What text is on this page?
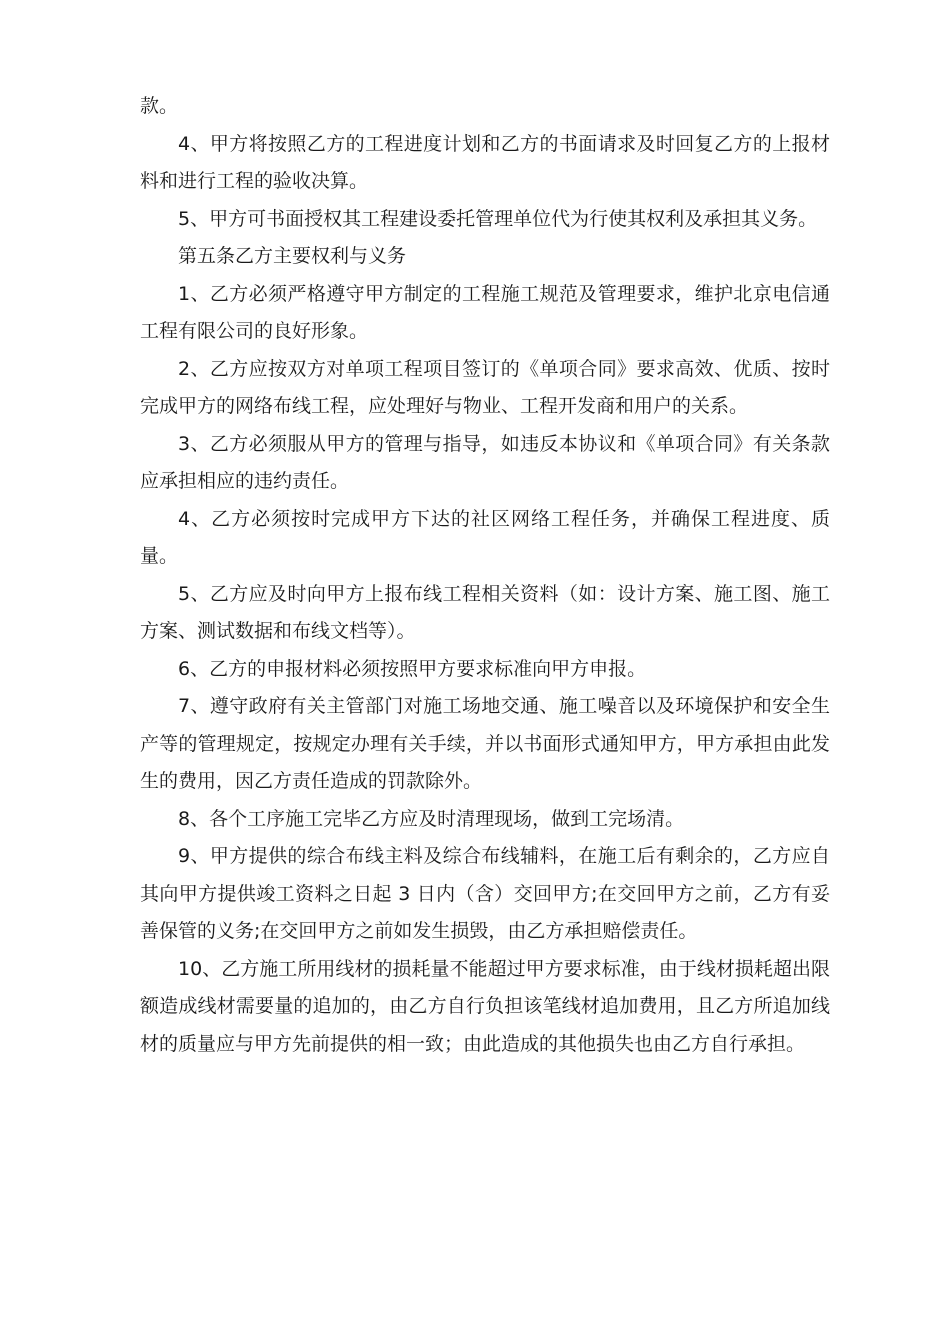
款。

4、甲方将按照乙方的工程进度计划和乙方的书面请求及时回复乙方的上报材料和进行工程的验收决算。

5、甲方可书面授权其工程建设委托管理单位代为行使其权利及承担其义务。

第五条乙方主要权利与义务

1、乙方必须严格遵守甲方制定的工程施工规范及管理要求，维护北京电信通工程有限公司的良好形象。

2、乙方应按双方对单项工程项目签订的《单项合同》要求高效、优质、按时完成甲方的网络布线工程，应处理好与物业、工程开发商和用户的关系。

3、乙方必须服从甲方的管理与指导，如违反本协议和《单项合同》有关条款应承担相应的违约责任。

4、乙方必须按时完成甲方下达的社区网络工程任务，并确保工程进度、质量。

5、乙方应及时向甲方上报布线工程相关资料（如：设计方案、施工图、施工方案、测试数据和布线文档等）。

6、乙方的申报材料必须按照甲方要求标准向甲方申报。

7、遵守政府有关主管部门对施工场地交通、施工噪音以及环境保护和安全生产等的管理规定，按规定办理有关手续，并以书面形式通知甲方，甲方承担由此发生的费用，因乙方责任造成的罚款除外。

8、各个工序施工完毕乙方应及时清理现场，做到工完场清。

9、甲方提供的综合布线主料及综合布线辅料，在施工后有剩余的，乙方应自其向甲方提供竣工资料之日起 3 日内（含）交回甲方;在交回甲方之前，乙方有妥善保管的义务;在交回甲方之前如发生损毁，由乙方承担赔偿责任。

10、乙方施工所用线材的损耗量不能超过甲方要求标准，由于线材损耗超出限额造成线材需要量的追加的，由乙方自行负担该笔线材追加费用，且乙方所追加线材的质量应与甲方先前提供的相一致；由此造成的其他损失也由乙方自行承担。
